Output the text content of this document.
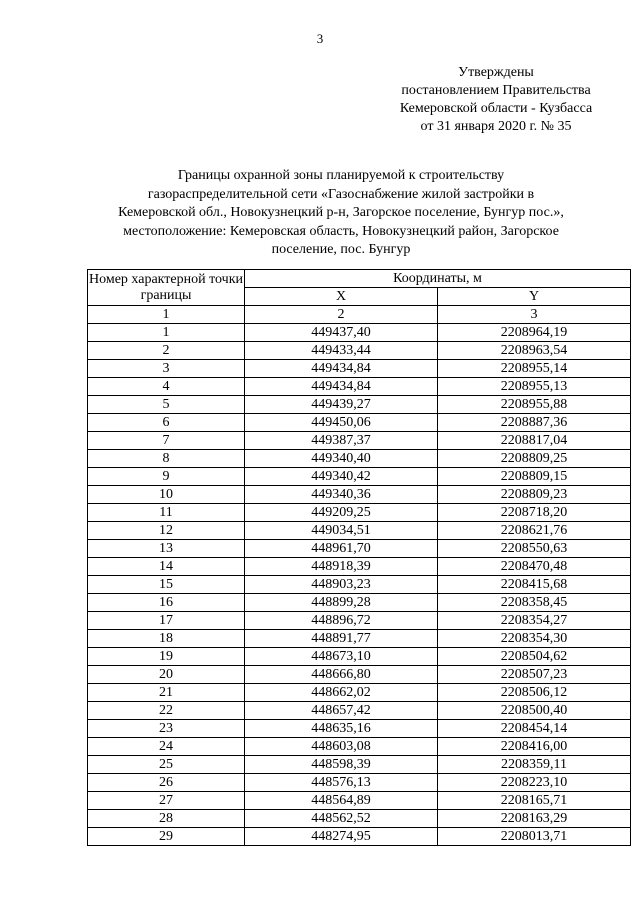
3
Утверждены
постановлением Правительства
Кемеровской области - Кузбасса
от 31 января 2020 г. № 35
Границы охранной зоны планируемой к строительству
газораспределительной сети «Газоснабжение жилой застройки в
Кемеровской обл., Новокузнецкий р-н, Загорское поселение, Бунгур пос.»,
местоположение: Кемеровская область, Новокузнецкий район, Загорское
поселение, пос. Бунгур
Номер характерной точки границы	Координаты, м	
	X	Y
1	2	3
1	449437,40	2208964,19
2	449433,44	2208963,54
3	449434,84	2208955,14
4	449434,84	2208955,13
5	449439,27	2208955,88
6	449450,06	2208887,36
7	449387,37	2208817,04
8	449340,40	2208809,25
9	449340,42	2208809,15
10	449340,36	2208809,23
11	449209,25	2208718,20
12	449034,51	2208621,76
13	448961,70	2208550,63
14	448918,39	2208470,48
15	448903,23	2208415,68
16	448899,28	2208358,45
17	448896,72	2208354,27
18	448891,77	2208354,30
19	448673,10	2208504,62
20	448666,80	2208507,23
21	448662,02	2208506,12
22	448657,42	2208500,40
23	448635,16	2208454,14
24	448603,08	2208416,00
25	448598,39	2208359,11
26	448576,13	2208223,10
27	448564,89	2208165,71
28	448562,52	2208163,29
29	448274,95	2208013,71
